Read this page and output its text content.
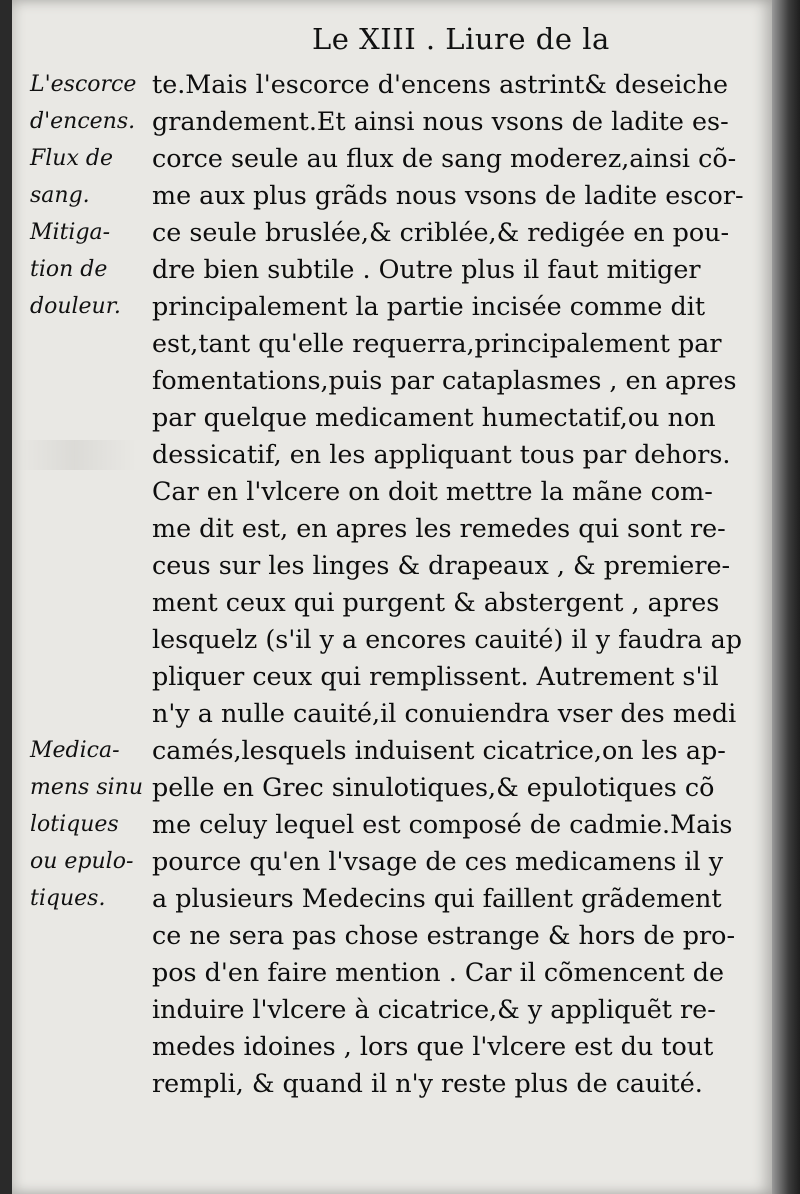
Le XIII . Liure de la
L'escorce
d'encens.
Flux de
sang.
Mitiga-
tion de
douleur.
Medica-
mens sinu
lotiques
ou epulo-
tiques.
te.Mais l'escorce d'encens astrint& deseiche
grandement.Et ainsi nous vsons de ladite es-
corce seule au flux de sang moderez,ainsi cõ-
me aux plus grãds nous vsons de ladite escor-
ce seule bruslée,& criblée,& redigée en pou-
dre bien subtile . Outre plus il faut mitiger
principalement la partie incisée comme dit
est,tant qu'elle requerra,principalement par
fomentations,puis par cataplasmes , en apres
par quelque medicament humectatif,ou non
dessicatif, en les appliquant tous par dehors.
Car en l'vlcere on doit mettre la mãne com-
me dit est, en apres les remedes qui sont re-
ceus sur les linges & drapeaux , & premiere-
ment ceux qui purgent & abstergent , apres
lesquelz (s'il y a encores cauité) il y faudra ap
pliquer ceux qui remplissent. Autrement s'il
n'y a nulle cauité,il conuiendra vser des medi
camés,lesquels induisent cicatrice,on les ap-
pelle en Grec sinulotiques,& epulotiques cõ
me celuy lequel est composé de cadmie.Mais
pource qu'en l'vsage de ces medicamens il y
a plusieurs Medecins qui faillent grãdement
ce ne sera pas chose estrange & hors de pro-
pos d'en faire mention . Car il cõmencent de
induire l'vlcere à cicatrice,& y appliquẽt re-
medes idoines , lors que l'vlcere est du tout
rempli, & quand il n'y reste plus de cauité.
